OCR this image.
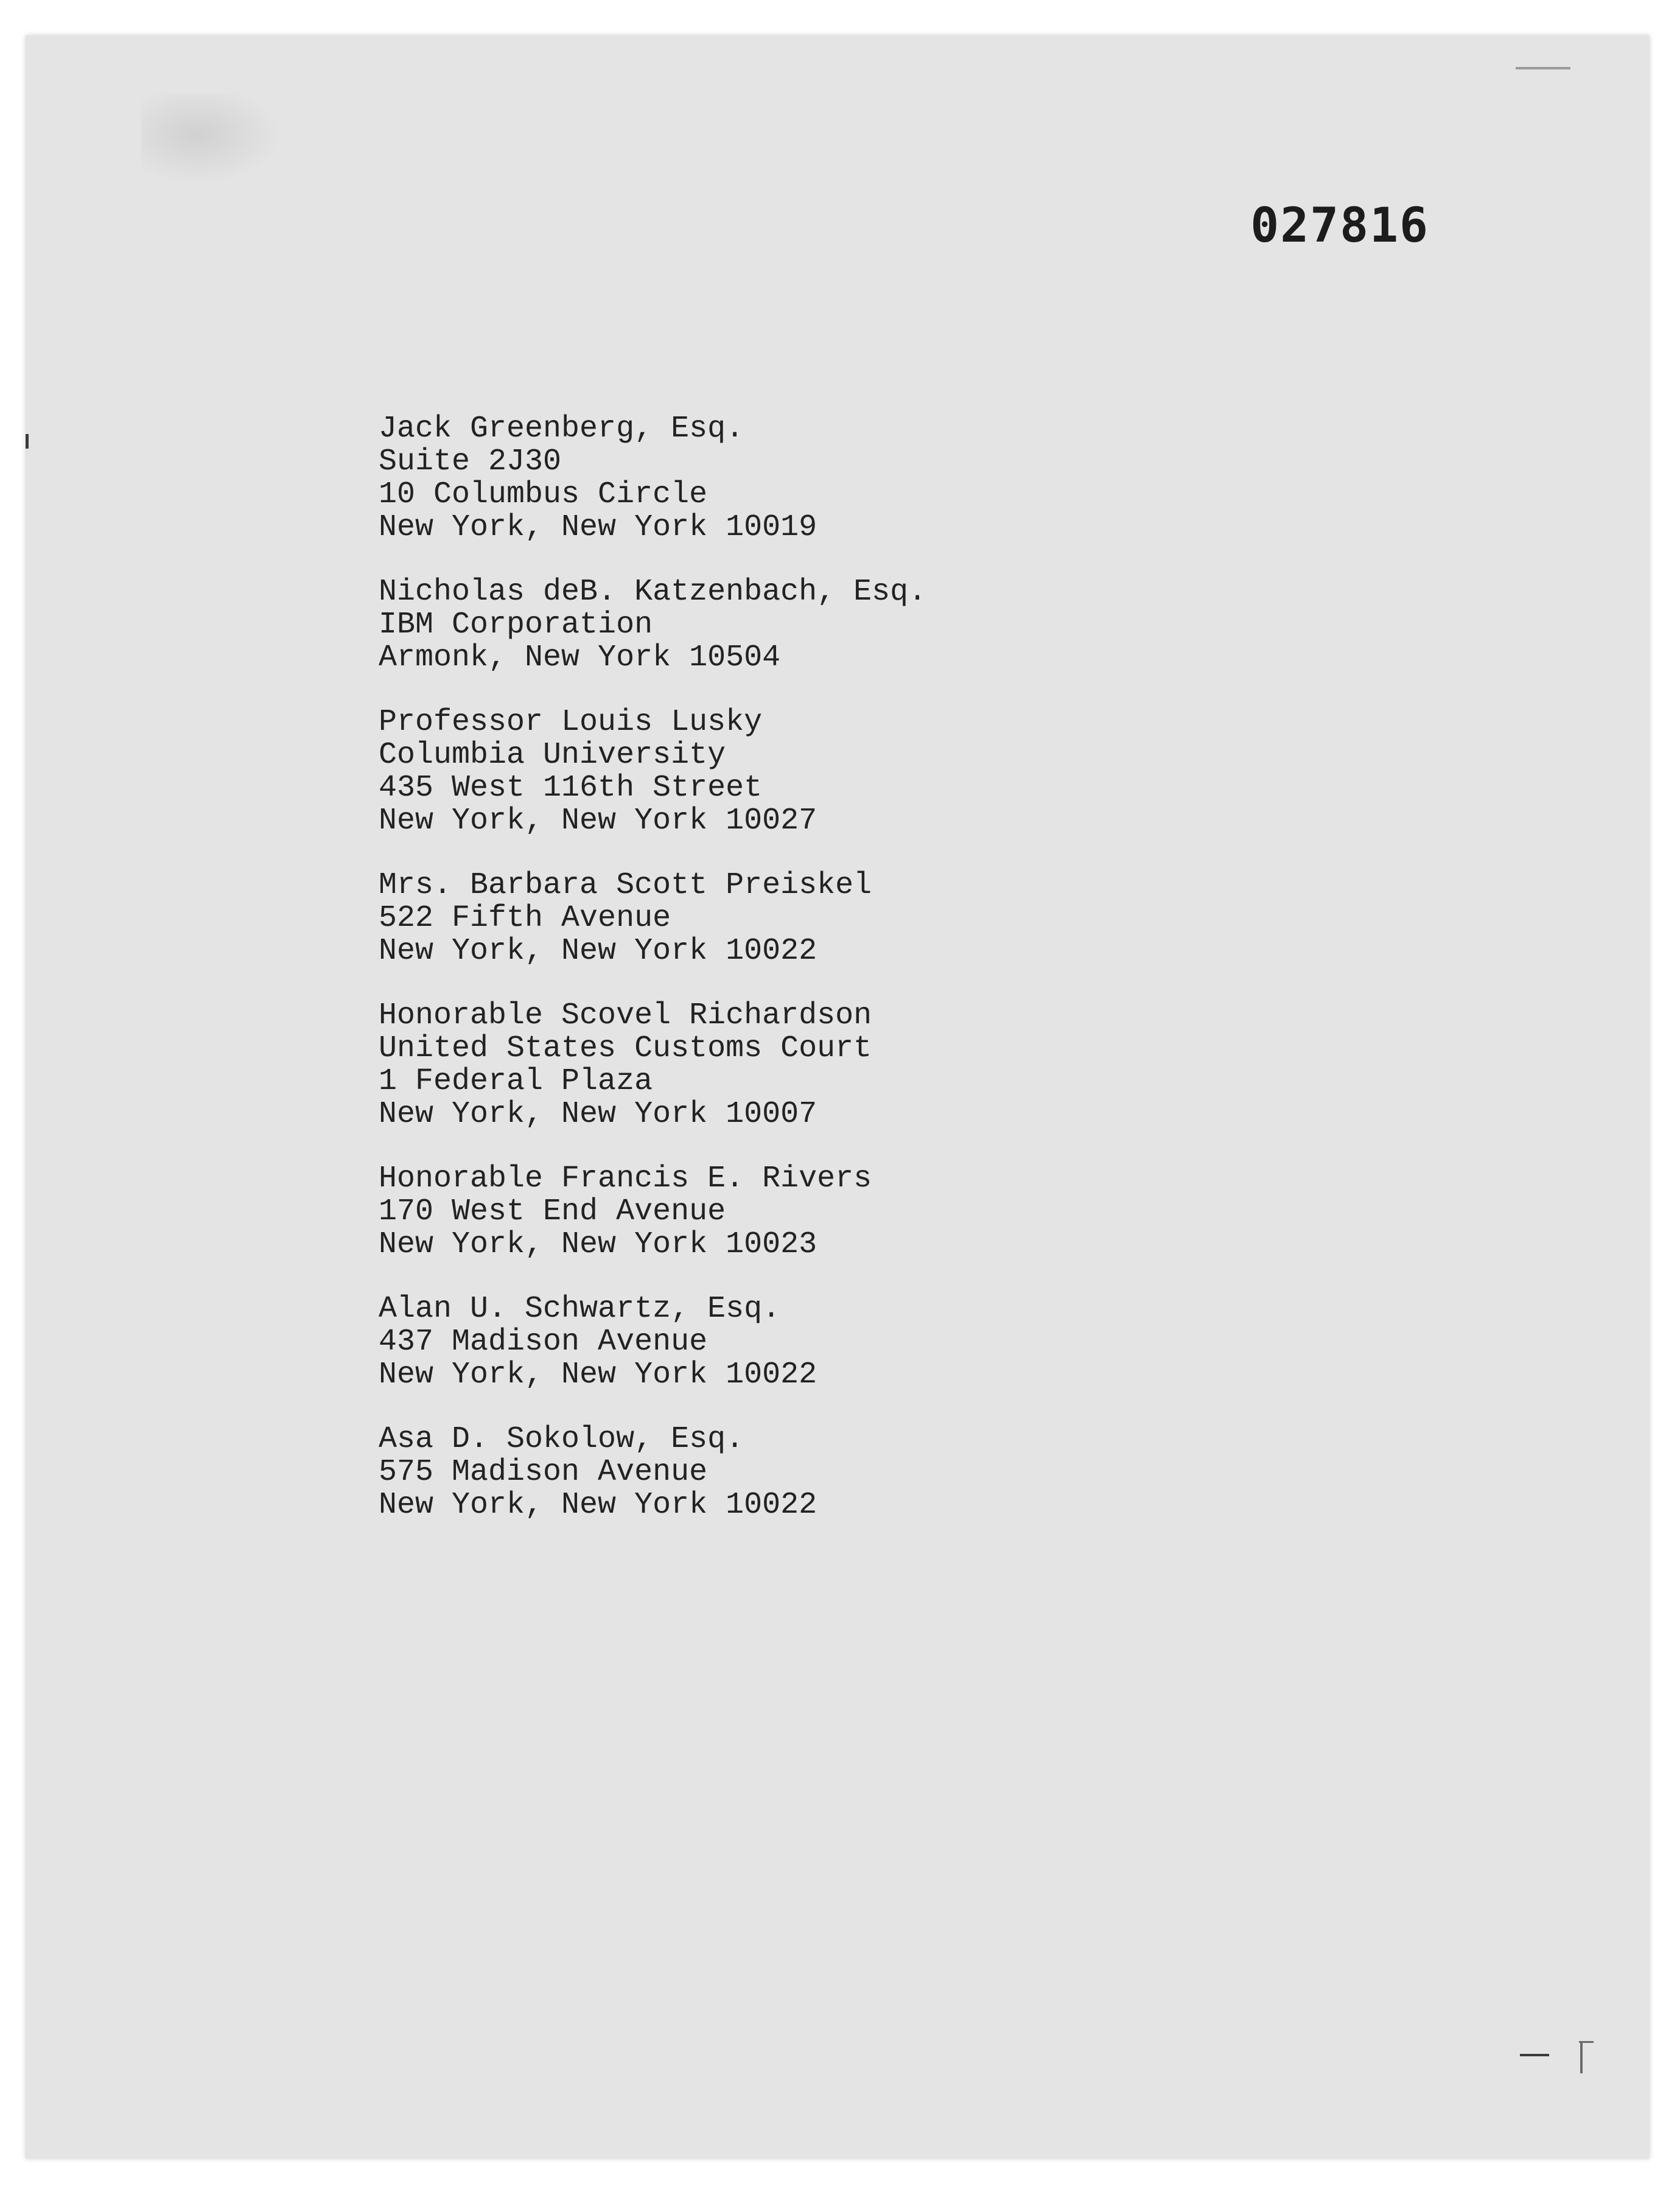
027816
Jack Greenberg, Esq.
Suite 2J30
10 Columbus Circle
New York, New York 10019
Nicholas deB. Katzenbach, Esq.
IBM Corporation
Armonk, New York 10504
Professor Louis Lusky
Columbia University
435 West 116th Street
New York, New York 10027
Mrs. Barbara Scott Preiskel
522 Fifth Avenue
New York, New York 10022
Honorable Scovel Richardson
United States Customs Court
1 Federal Plaza
New York, New York 10007
Honorable Francis E. Rivers
170 West End Avenue
New York, New York 10023
Alan U. Schwartz, Esq.
437 Madison Avenue
New York, New York 10022
Asa D. Sokolow, Esq.
575 Madison Avenue
New York, New York 10022
